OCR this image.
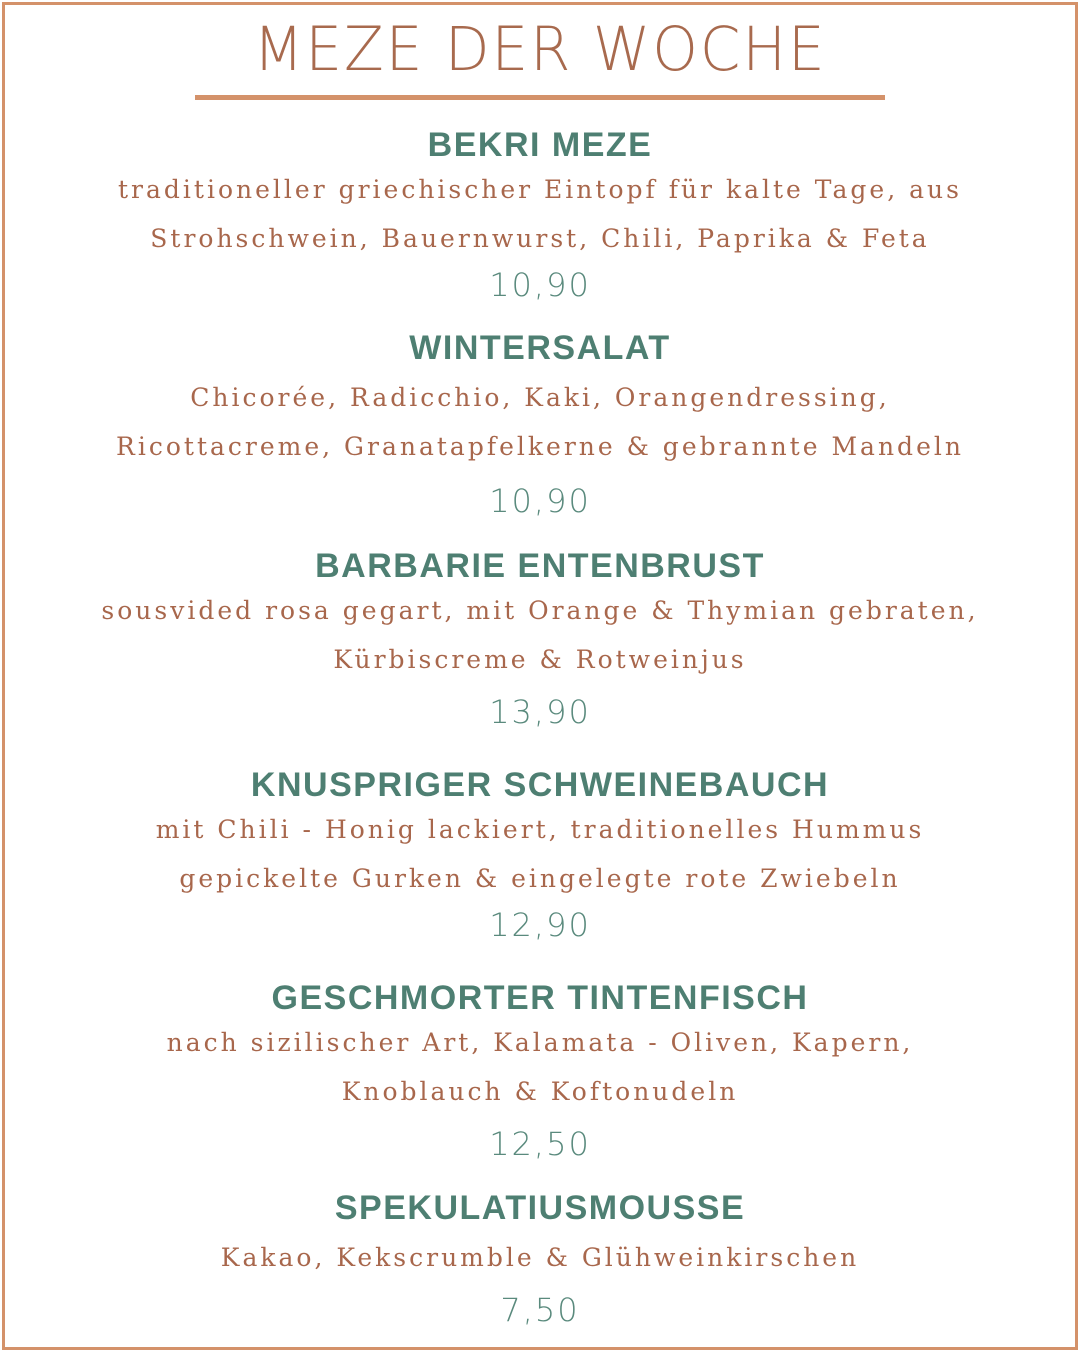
MEZE DER WOCHE
BEKRI MEZE
traditioneller griechischer Eintopf für kalte Tage, aus
Strohschwein, Bauernwurst, Chili, Paprika & Feta
10,90
WINTERSALAT
Chicorée, Radicchio, Kaki, Orangendressing,
Ricottacreme, Granatapfelkerne & gebrannte Mandeln
10,90
BARBARIE ENTENBRUST
sousvided rosa gegart, mit Orange & Thymian gebraten,
Kürbiscreme & Rotweinjus
13,90
KNUSPRIGER SCHWEINEBAUCH
mit Chili - Honig lackiert, traditionelles Hummus
gepickelte Gurken & eingelegte rote Zwiebeln
12,90
GESCHMORTER TINTENFISCH
nach sizilischer Art, Kalamata - Oliven, Kapern,
Knoblauch & Koftonudeln
12,50
SPEKULATIUSMOUSSE
Kakao, Kekscrumble & Glühweinkirschen
7,50
